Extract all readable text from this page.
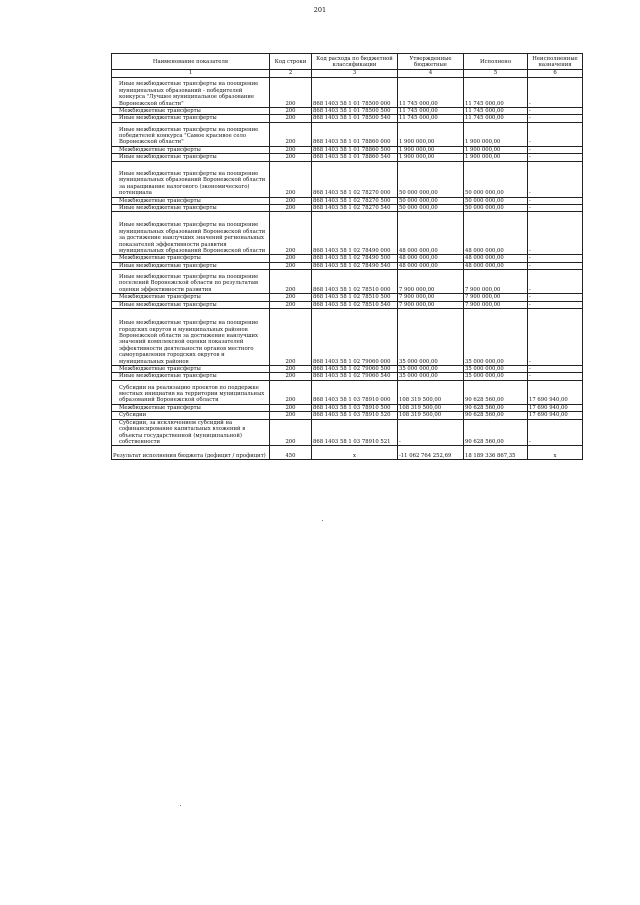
201
Наименование показателя	Код строки	Код расхода по бюджетной классификации	Утвержденные бюджетные	Исполнено	Неисполненные назначения
1	2	3	4	5	6
Иные межбюджетные трансферты на поощрение муниципальных образований - победителей конкурса "Лучшее муниципальное образование Воронежской области"	200	868 1403 58 1 01 78500 000	11 745 000,00	11 745 000,00	-
Межбюджетные трансферты	200	868 1403 58 1 01 78500 500	11 745 000,00	11 745 000,00	-
Иные межбюджетные трансферты	200	868 1403 58 1 01 78500 540	11 745 000,00	11 745 000,00	-
Иные межбюджетные трансферты на поощрение победителей конкурса "Самое красивое село Воронежской области"	200	868 1403 58 1 01 78860 000	1 900 000,00	1 900 000,00	-
Межбюджетные трансферты	200	868 1403 58 1 01 78860 500	1 900 000,00	1 900 000,00	-
Иные межбюджетные трансферты	200	868 1403 58 1 01 78860 540	1 900 000,00	1 900 000,00	-
Иные межбюджетные трансферты на поощрение муниципальных образований Воронежской области за наращивание налогового (экономического) потенциала	200	868 1403 58 1 02 78270 000	50 000 000,00	50 000 000,00	-
Межбюджетные трансферты	200	868 1403 58 1 02 78270 500	50 000 000,00	50 000 000,00	-
Иные межбюджетные трансферты	200	868 1403 58 1 02 78270 540	50 000 000,00	50 000 000,00	-
Иные межбюджетные трансферты на поощрение муниципальных образований Воронежской области за достижение наилучших значений региональных показателей эффективности развития муниципальных образований Воронежской области	200	868 1403 58 1 02 78490 000	48 000 000,00	48 000 000,00	-
Межбюджетные трансферты	200	868 1403 58 1 02 78490 500	48 000 000,00	48 000 000,00	-
Иные межбюджетные трансферты	200	868 1403 58 1 02 78490 540	48 000 000,00	48 000 000,00	-
Иные межбюджетные трансферты на поощрение поселений Воронежской области по результатам оценки эффективности развития	200	868 1403 58 1 02 78510 000	7 900 000,00	7 900 000,00	-
Межбюджетные трансферты	200	868 1403 58 1 02 78510 500	7 900 000,00	7 900 000,00	-
Иные межбюджетные трансферты	200	868 1403 58 1 02 78510 540	7 900 000,00	7 900 000,00	-
Иные межбюджетные трансферты на поощрение городских округов и муниципальных районов Воронежской области за достижение наилучших значений комплексной оценки показателей эффективности деятельности органов местного самоуправления городских округов и муниципальных районов	200	868 1403 58 1 02 79060 000	35 000 000,00	35 000 000,00	-
Межбюджетные трансферты	200	868 1403 58 1 02 79060 500	35 000 000,00	35 000 000,00	-
Иные межбюджетные трансферты	200	868 1403 58 1 02 79060 540	35 000 000,00	35 000 000,00	-
Субсидии на реализацию проектов по поддержке местных инициатив на территории муниципальных образований Воронежской области	200	868 1403 58 1 03 78910 000	108 319 500,00	90 628 560,00	17 690 940,00
Межбюджетные трансферты	200	868 1403 58 1 03 78910 500	108 319 500,00	90 628 560,00	17 690 940,00
Субсидии	200	868 1403 58 1 03 78910 520	108 319 500,00	90 628 560,00	17 690 940,00
Субсидии, за исключением субсидий на софинансирование капитальных вложений в объекты государственной (муниципальной) собственности	200	868 1403 58 1 03 78910 521	-	90 628 560,00	-
Результат исполнения бюджета (дефицит / профицит)	450	x	-11 062 764 252,69	18 189 336 867,35	x
